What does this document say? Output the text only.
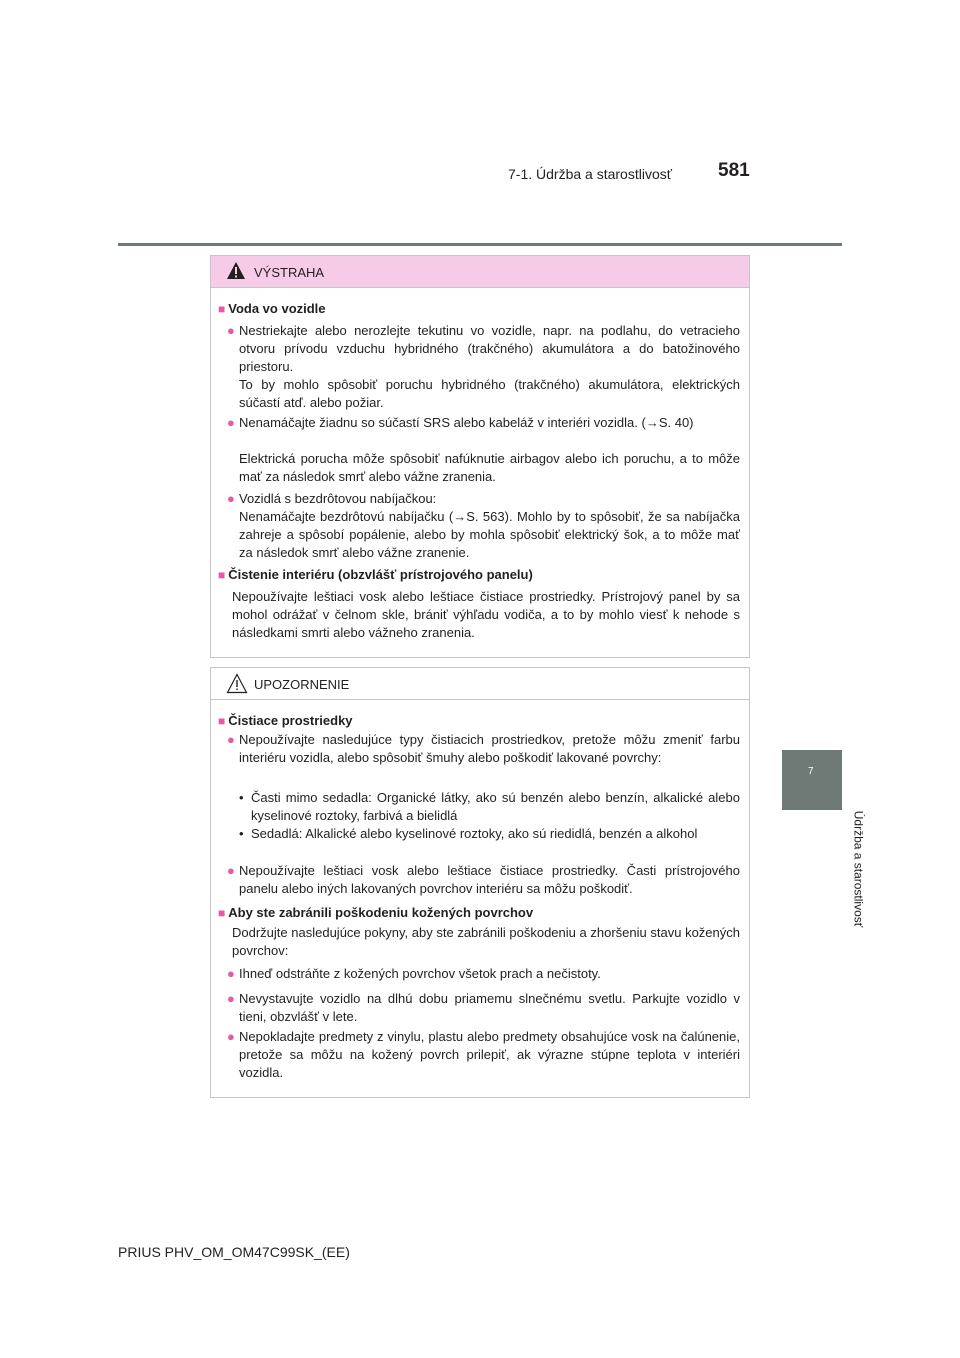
7-1. Údržba a starostlivosť 581
7
Údržba a starostlivosť
VÝSTRAHA
■ Voda vo vozidle
● Nestriekajte alebo nerozlejte tekutinu vo vozidle, napr. na podlahu, do vetracieho otvoru prívodu vzduchu hybridného (trakčného) akumulátora a do batožinového priestoru.
To by mohlo spôsobiť poruchu hybridného (trakčného) akumulátora, elektrických súčastí atď. alebo požiar.
● Nenamáčajte žiadnu so súčastí SRS alebo kabeláž v interiéri vozidla. (→S. 40)
Elektrická porucha môže spôsobiť nafúknutie airbagov alebo ich poruchu, a to môže mať za následok smrť alebo vážne zranenia.
● Vozidlá s bezdrôtovou nabíjačkou:
Nenamáčajte bezdrôtovú nabíjačku (→S. 563). Mohlo by to spôsobiť, že sa nabíjačka zahreje a spôsobí popálenie, alebo by mohla spôsobiť elektrický šok, a to môže mať za následok smrť alebo vážne zranenie.
■ Čistenie interiéru (obzvlášť prístrojového panelu)
Nepoužívajte leštiaci vosk alebo leštiace čistiace prostriedky. Prístrojový panel by sa mohol odrážať v čelnom skle, brániť výhľadu vodiča, a to by mohlo viesť k nehode s následkami smrti alebo vážneho zranenia.
UPOZORNENIE
■ Čistiace prostriedky
● Nepoužívajte nasledujúce typy čistiacich prostriedkov, pretože môžu zmeniť farbu interiéru vozidla, alebo spôsobiť šmuhy alebo poškodiť lakované povrchy:
• Časti mimo sedadla: Organické látky, ako sú benzén alebo benzín, alkalické alebo kyselinové roztoky, farbivá a bielidlá
• Sedadlá: Alkalické alebo kyselinové roztoky, ako sú riedidlá, benzén a alkohol
● Nepoužívajte leštiaci vosk alebo leštiace čistiace prostriedky. Časti prístrojového panelu alebo iných lakovaných povrchov interiéru sa môžu poškodiť.
■ Aby ste zabránili poškodeniu kožených povrchov
Dodržujte nasledujúce pokyny, aby ste zabránili poškodeniu a zhoršeniu stavu kožených povrchov:
● Ihneď odstráňte z kožených povrchov všetok prach a nečistoty.
● Nevystavujte vozidlo na dlhú dobu priamemu slnečnému svetlu. Parkujte vozidlo v tieni, obzvlášť v lete.
● Nepokladajte predmety z vinylu, plastu alebo predmety obsahujúce vosk na čalúnenie, pretože sa môžu na kožený povrch prilepiť, ak výrazne stúpne teplota v interiéri vozidla.
PRIUS PHV_OM_OM47C99SK_(EE)
